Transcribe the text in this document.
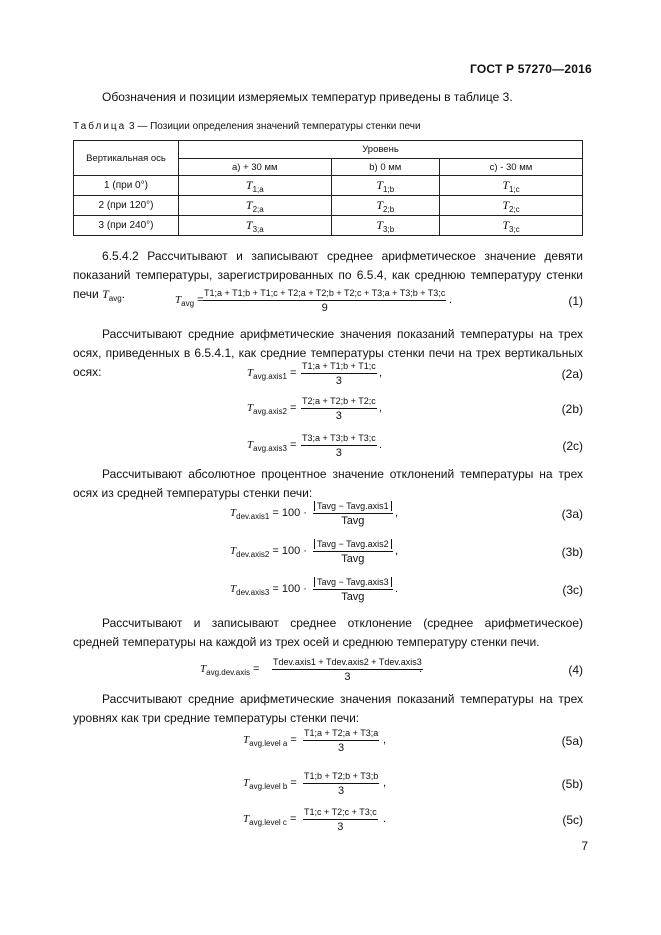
ГОСТ Р 57270—2016
Обозначения и позиции измеряемых температур приведены в таблице 3.
Таблица 3 — Позиции определения значений температуры стенки печи
Вертикальная ось	Уровень		
	а) + 30 мм	b) 0 мм	c) - 30 мм
1 (при 0°)	$T_{1;a}$	$T_{1;b}$	$T_{1;c}$
2 (при 120°)	$T_{2;a}$	$T_{2;b}$	$T_{2;c}$
3 (при 240°)	$T_{3;a}$	$T_{3;b}$	$T_{3;c}$
6.5.4.2 Рассчитывают и записывают среднее арифметическое значение девяти показаний температуры, зарегистрированных по 6.5.4, как среднюю температуру стенки печи $T_{avg}$.	$T_{avg}$ =
T1;a + T1;b + T1;c + T2;a + T2;b + T2;c + T3;a + T3;b + T3;c
9
.	(1)
Рассчитывают средние арифметические значения показаний температуры на трех осях, приведенных в 6.5.4.1, как средние температуры стенки печи на трех вертикальных осях:	$T_{avg.axis1}$ =
T1;a + T1;b + T1;c
3
,	(2a)
$T_{avg.axis2}$ =
T2;a + T2;b + T2;c
3
,	(2b)
$T_{avg.axis3}$ =
T3;a + T3;b + T3;c
3
.	(2c)
Рассчитывают абсолютное процентное значение отклонений температуры на трех осях из средней температуры стенки печи:
$T_{dev.axis1} = 100$ ·
Tavg − Tavg.axis1
Tavg
,	(3a)
$T_{dev.axis2} = 100$ ·
Tavg − Tavg.axis2
Tavg
,	(3b)
$T_{dev.axis3} = 100$ ·
Tavg − Tavg.axis3
Tavg
.	(3c)
Рассчитывают и записывают среднее отклонение (среднее арифметическое) средней температуры на каждой из трех осей и среднюю температуру стенки печи.
$T_{avg.dev.axis}$ =
Tdev.axis1 + Tdev.axis2 + Tdev.axis3
3
.	(4)
Рассчитывают средние арифметические значения показаний температуры на трех уровнях как три средние температуры стенки печи:
$T_{avg.level a}$ =
T1;a + T2;a + T3;a
3
,	(5a)
$T_{avg.level b}$ =
T1;b + T2;b + T3;b
3
,	(5b)
$T_{avg.level c}$ =
T1;c + T2;c + T3;c
3
.	(5c)
7
